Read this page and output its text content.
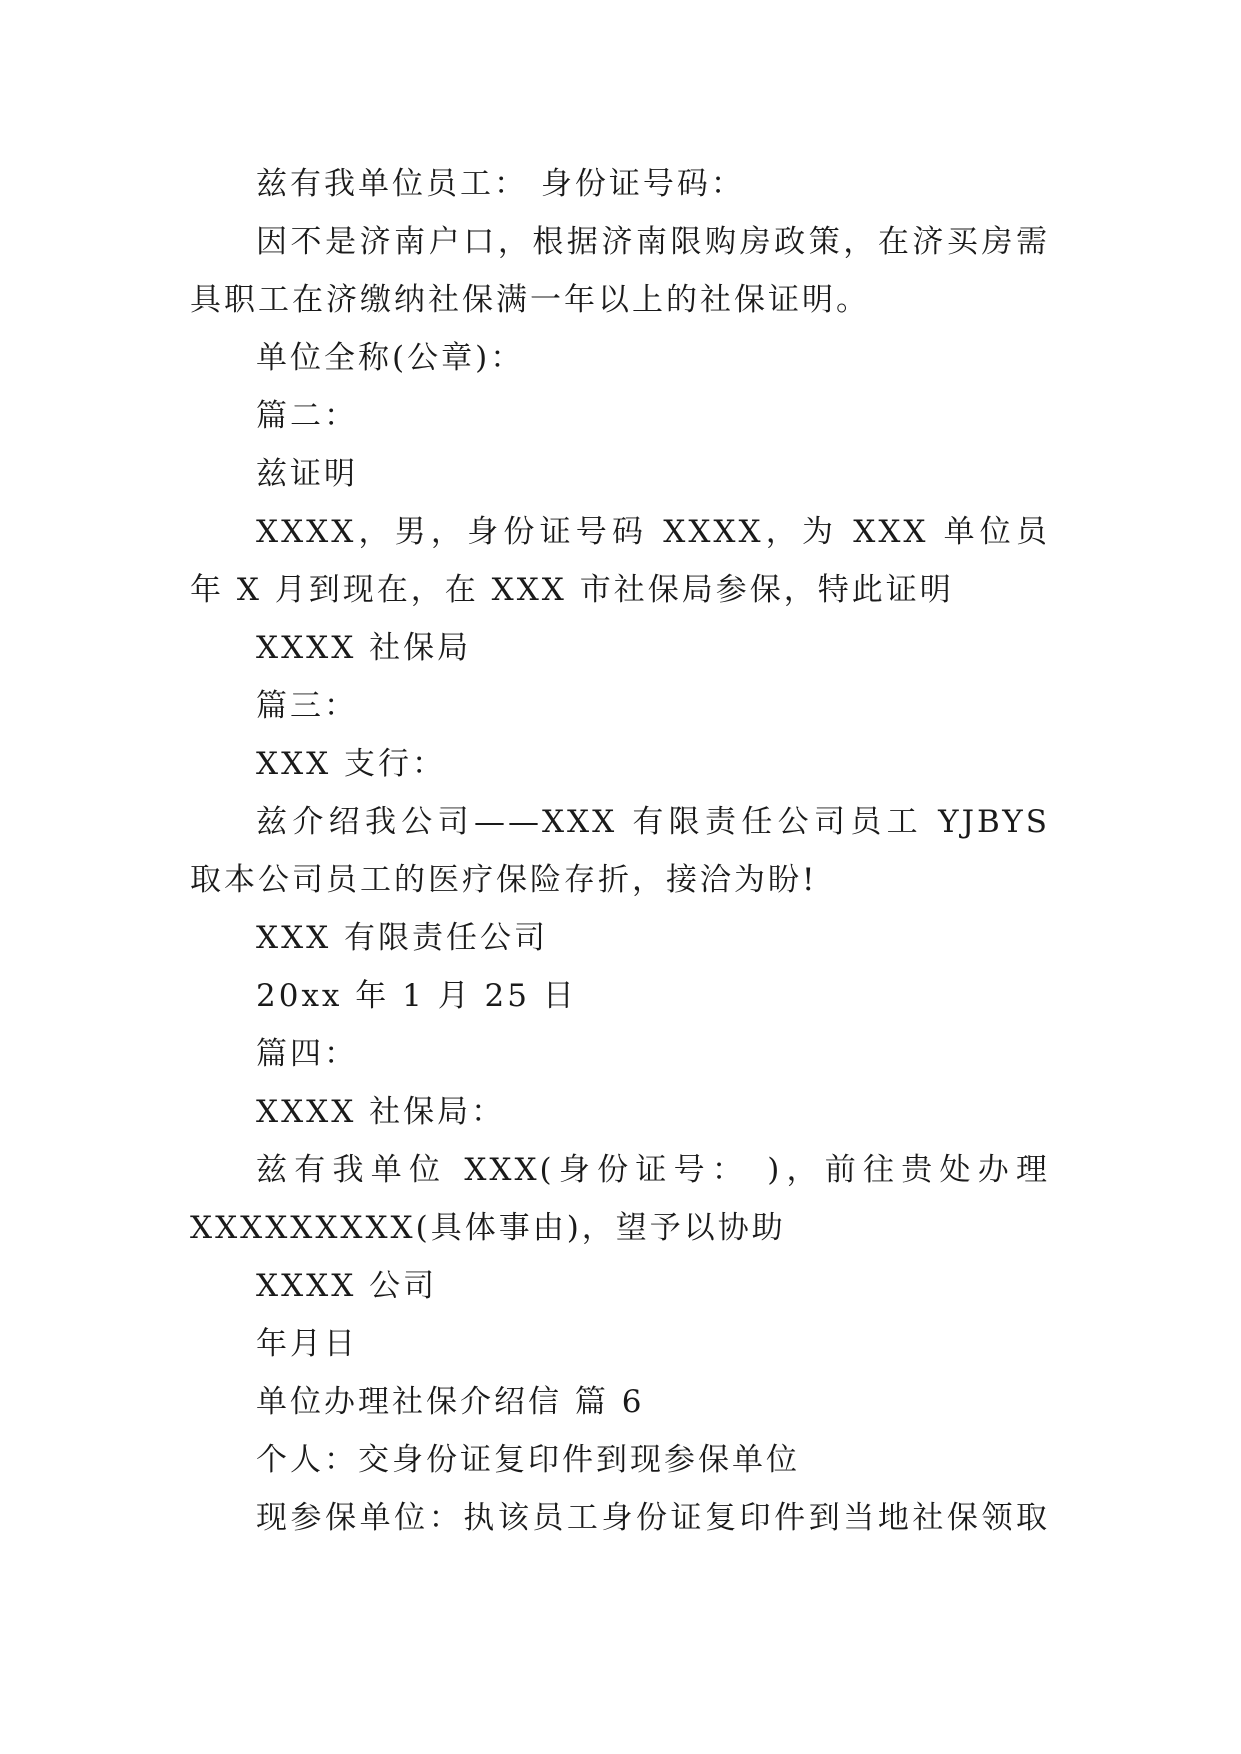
兹有我单位员工： 身份证号码：
因不是济南户口，根据济南限购房政策，在济买房需
具职工在济缴纳社保满一年以上的社保证明。
单位全称(公章)：
篇二：
兹证明
XXXX，男，身份证号码 XXXX，为 XXX 单位员
年 X 月到现在，在 XXX 市社保局参保，特此证明
XXXX 社保局
篇三：
XXX 支行：
兹介绍我公司——XXX 有限责任公司员工 YJBYS
取本公司员工的医疗保险存折，接洽为盼!
XXX 有限责任公司
20xx 年 1 月 25 日
篇四：
XXXX 社保局：
兹有我单位 XXX(身份证号： )，前往贵处办理
XXXXXXXXX(具体事由)，望予以协助
XXXX 公司
年月日
单位办理社保介绍信 篇 6
个人：交身份证复印件到现参保单位
现参保单位：执该员工身份证复印件到当地社保领取
